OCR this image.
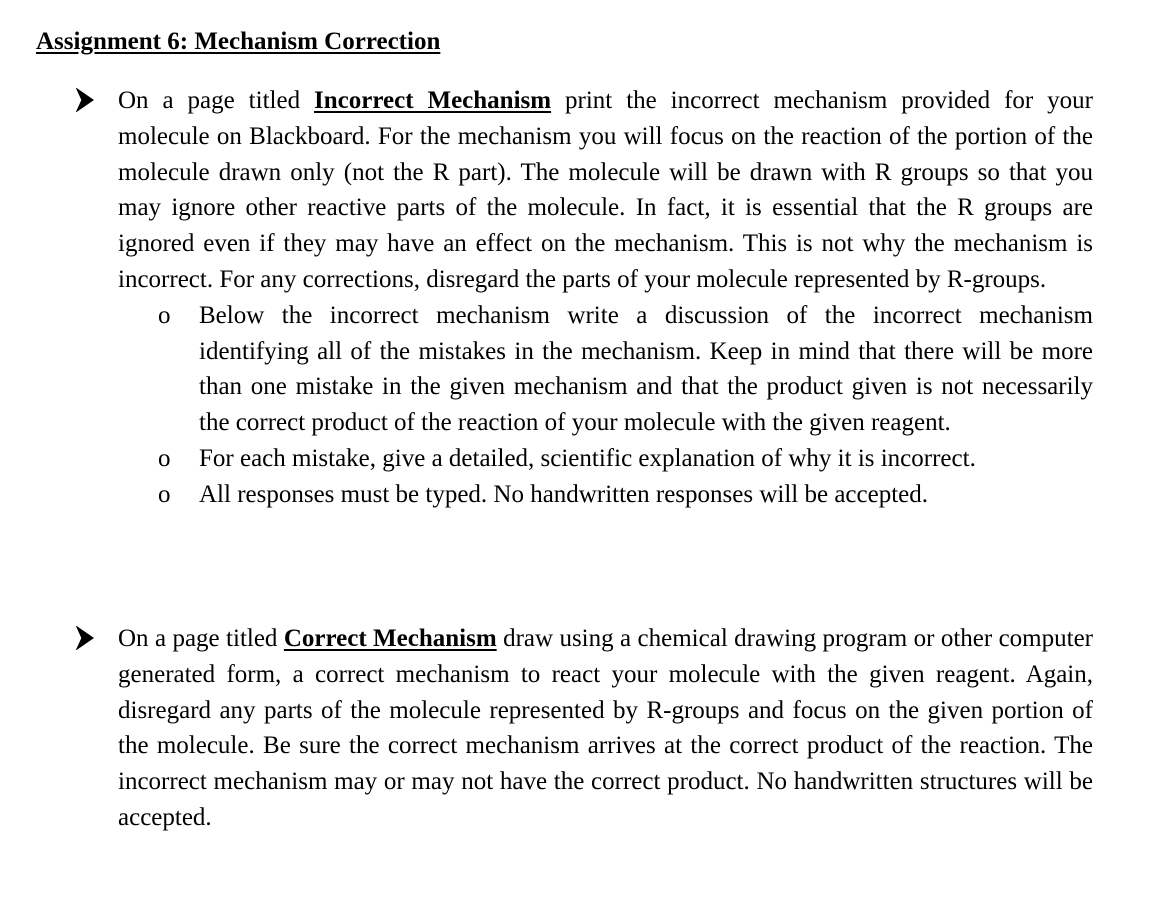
Assignment 6: Mechanism Correction
On a page titled Incorrect Mechanism print the incorrect mechanism provided for your molecule on Blackboard. For the mechanism you will focus on the reaction of the portion of the molecule drawn only (not the R part). The molecule will be drawn with R groups so that you may ignore other reactive parts of the molecule. In fact, it is essential that the R groups are ignored even if they may have an effect on the mechanism. This is not why the mechanism is incorrect. For any corrections, disregard the parts of your molecule represented by R-groups.
o Below the incorrect mechanism write a discussion of the incorrect mechanism identifying all of the mistakes in the mechanism. Keep in mind that there will be more than one mistake in the given mechanism and that the product given is not necessarily the correct product of the reaction of your molecule with the given reagent.
o For each mistake, give a detailed, scientific explanation of why it is incorrect.
o All responses must be typed. No handwritten responses will be accepted.
On a page titled Correct Mechanism draw using a chemical drawing program or other computer generated form, a correct mechanism to react your molecule with the given reagent. Again, disregard any parts of the molecule represented by R-groups and focus on the given portion of the molecule. Be sure the correct mechanism arrives at the correct product of the reaction. The incorrect mechanism may or may not have the correct product. No handwritten structures will be accepted.
